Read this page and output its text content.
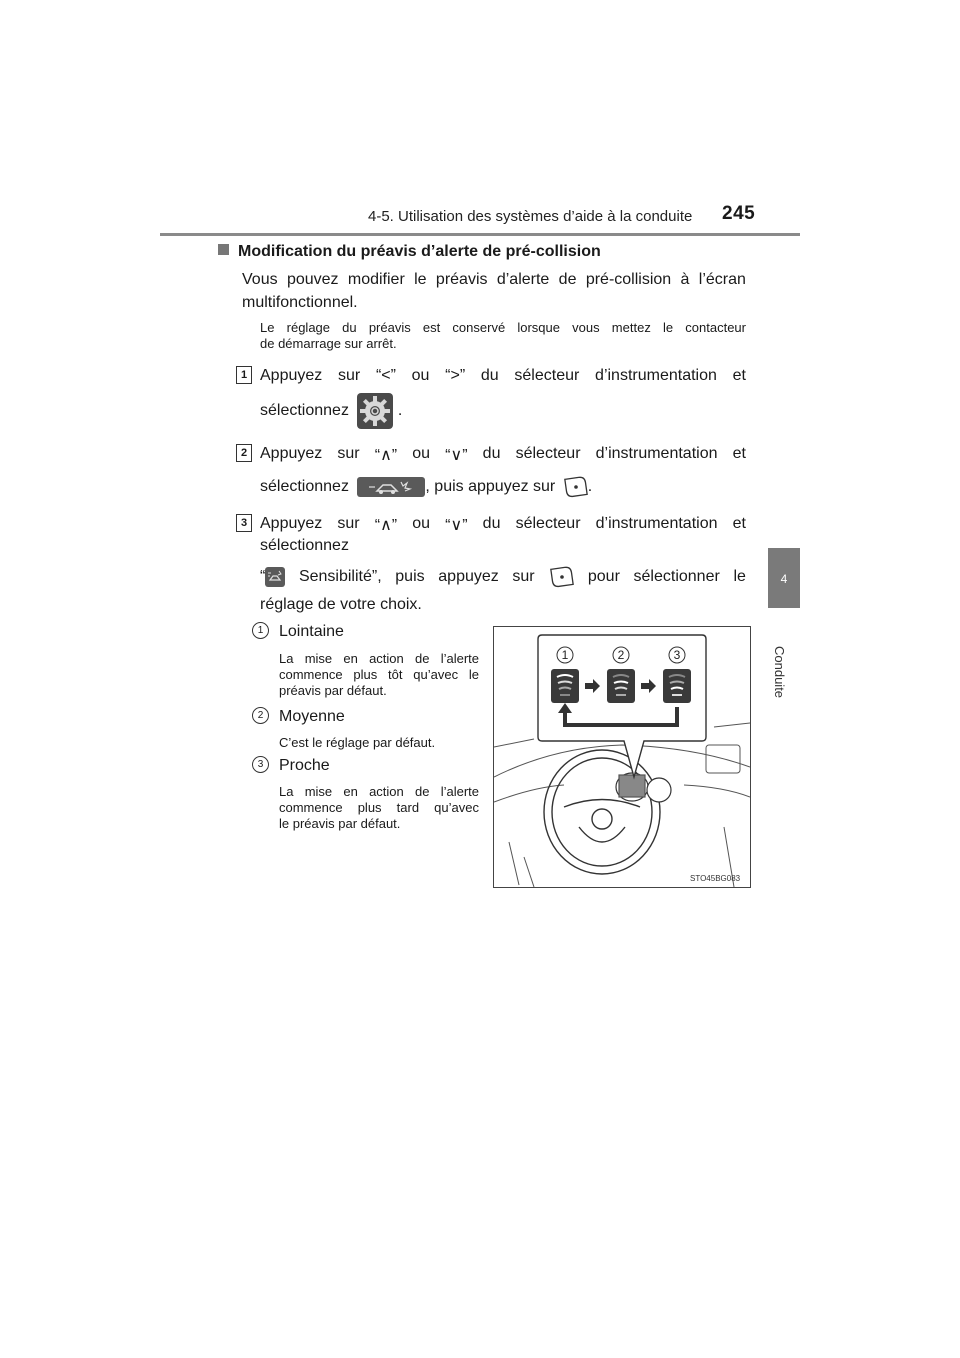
4-5. Utilisation des systèmes d’aide à la conduite 245
4
Conduite
Modification du préavis d’alerte de pré-collision
Vous pouvez modifier le préavis d’alerte de pré-collision à l’écran
multifonctionnel.
Le réglage du préavis est conservé lorsque vous mettez le contacteur
de démarrage sur arrêt.
1 Appuyez sur “<” ou “>” du sélecteur d’instrumentation et
sélectionnez	.
2 Appuyez sur “∧” ou “∨” du sélecteur d’instrumentation et
sélectionnez	, puis appuyez sur .
3 Appuyez sur “∧” ou “∨” du sélecteur d’instrumentation et
sélectionnez
“	Sensibilité”, puis appuyez sur	pour sélectionner le
réglage de votre choix.
1 Lointaine
La mise en action de l’alerte
commence plus tôt qu’avec le
préavis par défaut.
2 Moyenne
C’est le réglage par défaut.
3 Proche
La mise en action de l’alerte
commence plus tard qu’avec
le préavis par défaut.
1	2	3
STO45BG083
